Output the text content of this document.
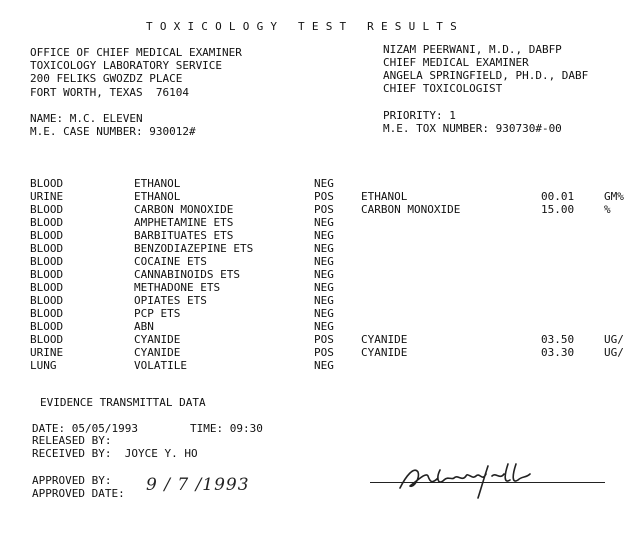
TOXICOLOGY TEST RESULTS
OFFICE OF CHIEF MEDICAL EXAMINER
TOXICOLOGY LABORATORY SERVICE
200 FELIKS GWOZDZ PLACE
FORT WORTH, TEXAS  76104
NIZAM PEERWANI, M.D., DABFP
CHIEF MEDICAL EXAMINER
ANGELA SPRINGFIELD, PH.D., DABF
CHIEF TOXICOLOGIST
NAME: M.C. ELEVEN
M.E. CASE NUMBER: 930012#
PRIORITY: 1
M.E. TOX NUMBER: 930730#-00
BLOOD	ETHANOL	NEG
URINE	ETHANOL	POS ETHANOL	00.01	GM%
BLOOD	CARBON MONOXIDE	POS CARBON MONOXIDE	15.00	%
BLOOD	AMPHETAMINE ETS	NEG
BLOOD	BARBITUATES ETS	NEG
BLOOD	BENZODIAZEPINE ETS	NEG
BLOOD	COCAINE ETS	NEG
BLOOD	CANNABINOIDS ETS	NEG
BLOOD	METHADONE ETS	NEG
BLOOD	OPIATES ETS	NEG
BLOOD	PCP ETS	NEG
BLOOD	ABN	NEG
BLOOD	CYANIDE	POS CYANIDE	03.50	UG/
URINE	CYANIDE	POS CYANIDE	03.30	UG/
LUNG	VOLATILE	NEG
EVIDENCE TRANSMITTAL DATA
DATE: 05/05/1993	TIME: 09:30
RELEASED BY:
RECEIVED BY:  JOYCE Y. HO
APPROVED BY:
APPROVED DATE: 9 / 7 /1993
